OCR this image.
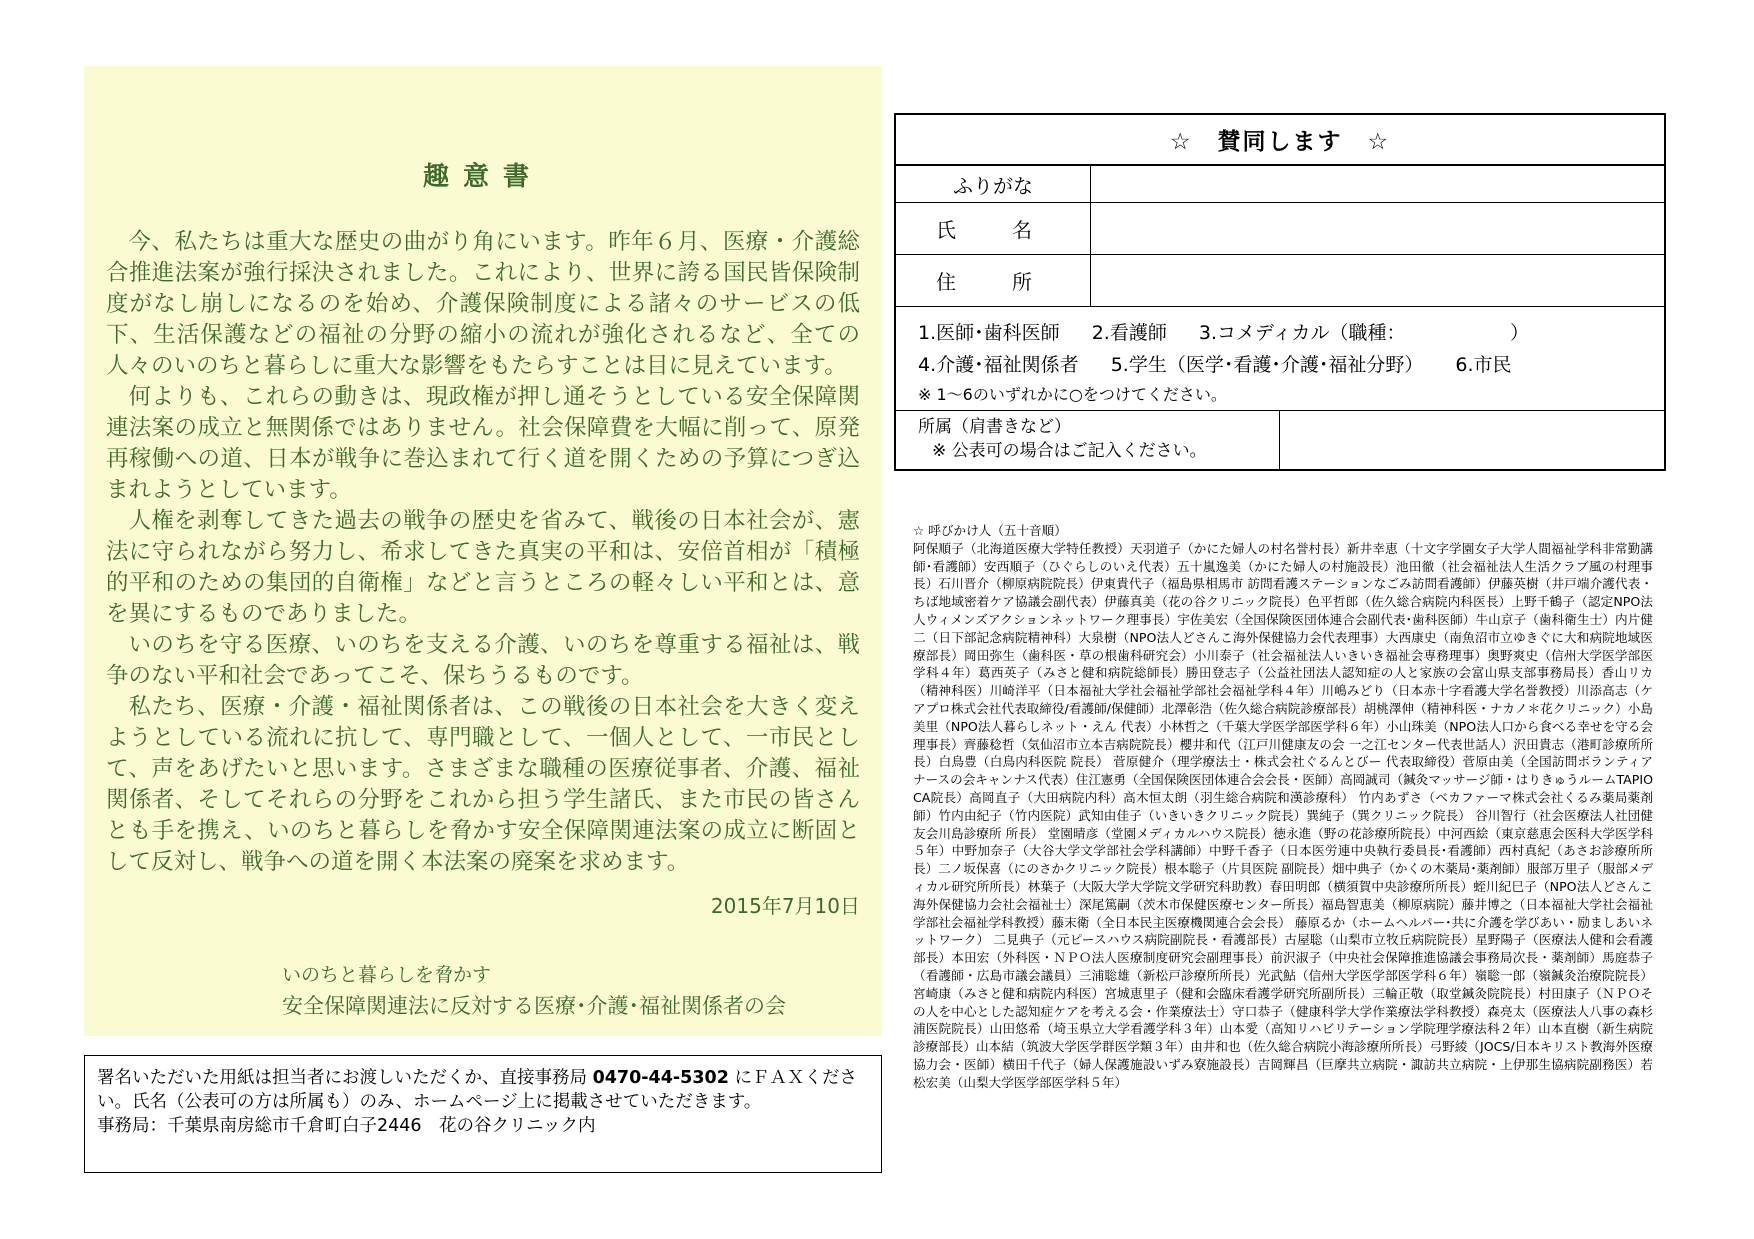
趣意書

今、私たちは重大な歴史の曲がり角にいます。昨年６月、医療・介護総合推進法案が強行採決されました。これにより、世界に誇る国民皆保険制度がなし崩しになるのを始め、介護保険制度による諸々のサービスの低下、生活保護などの福祉の分野の縮小の流れが強化されるなど、全ての人々のいのちと暮らしに重大な影響をもたらすことは目に見えています。

何よりも、これらの動きは、現政権が押し通そうとしている安全保障関連法案の成立と無関係ではありません。社会保障費を大幅に削って、原発再稼働への道、日本が戦争に巻込まれて行く道を開くための予算につぎ込まれようとしています。

人権を剥奪してきた過去の戦争の歴史を省みて、戦後の日本社会が、憲法に守られながら努力し、希求してきた真実の平和は、安倍首相が「積極的平和のための集団的自衛権」などと言うところの軽々しい平和とは、意を異にするものでありました。

いのちを守る医療、いのちを支える介護、いのちを尊重する福祉は、戦争のない平和社会であってこそ、保ちうるものです。

私たち、医療・介護・福祉関係者は、この戦後の日本社会を大きく変えようとしている流れに抗して、専門職として、一個人として、一市民として、声をあげたいと思います。さまざまな職種の医療従事者、介護、福祉関係者、そしてそれらの分野をこれから担う学生諸氏、また市民の皆さんとも手を携え、いのちと暮らしを脅かす安全保障関連法案の成立に断固として反対し、戦争への道を開く本法案の廃案を求めます。

2015年7月10日

いのちと暮らしを脅かす
安全保障関連法に反対する医療･介護･福祉関係者の会
署名いただいた用紙は担当者にお渡しいただくか、直接事務局 0470-44-5302 にＦＡＸください。氏名（公表可の方は所属も）のみ、ホームページ上に掲載させていただきます。
事務局：千葉県南房総市千倉町白子2446　花の谷クリニック内
☆　賛同します　☆
ふりがな
氏　名
住　所
1.医師･歯科医師 2.看護師 3.コメディカル（職種：　　　　　　）
4.介護･福祉関係者 5.学生（医学･看護･介護･福祉分野） 6.市民
※ 1～6のいずれかに○をつけてください。
所属（肩書きなど）
※ 公表可の場合はご記入ください。

☆ 呼びかけ人（五十音順）

阿保順子（北海道医療大学特任教授）天羽道子（かにた婦人の村名誉村長）新井幸恵（十文字学園女子大学人間福祉学科非常勤講師･看護師）安西順子（ひぐらしのいえ代表）五十嵐逸美（かにた婦人の村施設長）池田徹（社会福祉法人生活クラブ風の村理事長）石川晋介（柳原病院院長）伊東貴代子（福島県相馬市 訪問看護ステーションなごみ訪問看護師）伊藤英樹（井戸端介護代表・ちば地域密着ケア協議会副代表）伊藤真美（花の谷クリニック院長）色平哲郎（佐久総合病院内科医長）上野千鶴子（認定NPO法人ウィメンズアクションネットワーク理事長）宇佐美宏（全国保険医団体連合会副代表･歯科医師）牛山京子（歯科衛生士）内片健二（日下部記念病院精神科）大泉樹（NPO法人どさんこ海外保健協力会代表理事）大西康史（南魚沼市立ゆきぐに大和病院地域医療部長）岡田弥生（歯科医・草の根歯科研究会）小川泰子（社会福祉法人いきいき福祉会専務理事）奥野爽史（信州大学医学部医学科４年）葛西英子（みさと健和病院総師長）勝田登志子（公益社団法人認知症の人と家族の会富山県支部事務局長）香山リカ（精神科医）川崎洋平（日本福祉大学社会福祉学部社会福祉学科４年）川嶋みどり（日本赤十字看護大学名誉教授）川添高志（ケアプロ株式会社代表取締役/看護師/保健師）北澤彰浩（佐久総合病院診療部長）胡桃澤伸（精神科医・ナカノ＊花クリニック）小島美里（NPO法人暮らしネット・えん 代表）小林哲之（千葉大学医学部医学科６年）小山珠美（NPO法人口から食べる幸せを守る会理事長）齊藤稔哲（気仙沼市立本吉病院院長）櫻井和代（江戸川健康友の会 一之江センター代表世話人）沢田貴志（港町診療所所長）白鳥豊（白鳥内科医院 院長） 菅原健介（理学療法士・株式会社ぐるんとびー 代表取締役）菅原由美（全国訪問ボランティアナースの会キャンナス代表）住江憲勇（全国保険医団体連合会会長・医師）高岡誠司（鍼灸マッサージ師・はりきゅうルームTAPIOCA院長）高岡直子（大田病院内科）高木恒太朗（羽生総合病院和漢診療科） 竹内あずさ（ベカファーマ株式会社くるみ薬局薬剤師）竹内由紀子（竹内医院）武知由佳子（いきいきクリニック院長）巽純子（巽クリニック院長） 谷川智行（社会医療法人社団健友会川島診療所 所長） 堂園晴彦（堂園メディカルハウス院長）徳永進（野の花診療所院長）中河西絵（東京慈恵会医科大学医学科５年）中野加奈子（大谷大学文学部社会学科講師）中野千香子（日本医労連中央執行委員長･看護師）西村真紀（あさお診療所所長）二ノ坂保喜（にのさかクリニック院長）根本聡子（片貝医院 副院長）畑中典子（かくの木薬局･薬剤師）服部万里子（服部メディカル研究所所長）林葉子（大阪大学大学院文学研究科助教）春田明郎（横須賀中央診療所所長）蛭川紀巳子（NPO法人どさんこ海外保健協力会社会福祉士）深尾篤嗣（茨木市保健医療センター所長）福島智恵美（柳原病院）藤井博之（日本福祉大学社会福祉学部社会福祉学科教授）藤末衛（全日本民主医療機関連合会会長） 藤原るか（ホームヘルパー･共に介護を学びあい・励ましあいネットワーク） 二見典子（元ピースハウス病院副院長・看護部長）古屋聡（山梨市立牧丘病院院長）星野陽子（医療法人健和会看護部長）本田宏（外科医・ＮＰＯ法人医療制度研究会副理事長）前沢淑子（中央社会保障推進協議会事務局次長・薬剤師）馬庭恭子（看護師・広島市議会議員）三浦聡雄（新松戸診療所所長）光武鮎（信州大学医学部医学科６年）嶺聡一郎（嶺鍼灸治療院院長）宮崎康（みさと健和病院内科医）宮城恵里子（健和会臨床看護学研究所副所長）三輪正敬（取堂鍼灸院院長）村田康子（ＮＰＯその人を中心とした認知症ケアを考える会・作業療法士）守口恭子（健康科学大学作業療法学科教授）森亮太（医療法人八事の森杉浦医院院長）山田悠希（埼玉県立大学看護学科３年）山本愛（高知リハビリテーション学院理学療法科２年）山本直樹（新生病院診療部長）山本結（筑波大学医学群医学類３年）由井和也（佐久総合病院小海診療所所長）弓野綾（JOCS/日本キリスト教海外医療協力会・医師）横田千代子（婦人保護施設いずみ寮施設長）吉岡輝昌（巨摩共立病院・諏訪共立病院・上伊那生協病院副務医）若松宏美（山梨大学医学部医学科５年）
